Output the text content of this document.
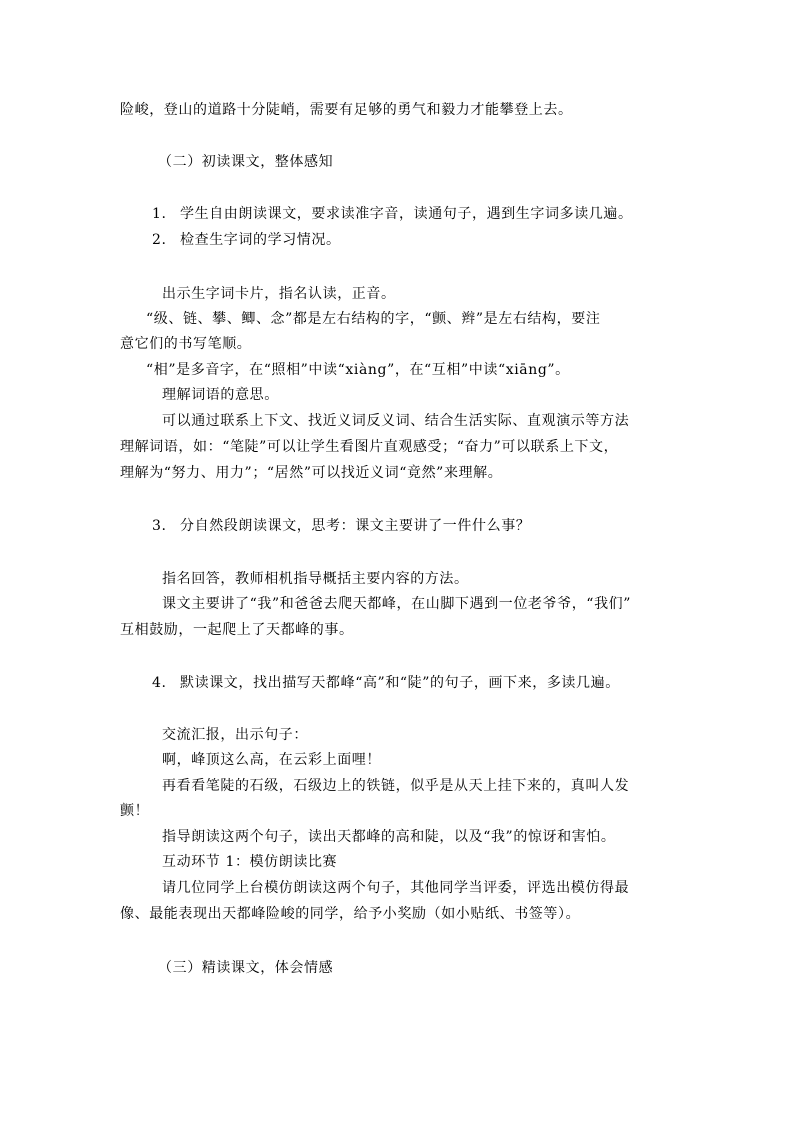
险峻，登山的道路十分陡峭，需要有足够的勇气和毅力才能攀登上去。
（二）初读课文，整体感知
1. 学生自由朗读课文，要求读准字音，读通句子，遇到生字词多读几遍。
2. 检查生字词的学习情况。
出示生字词卡片，指名认读，正音。
“级、链、攀、鲫、念”都是左右结构的字，“颤、辫”是左右结构，要注
意它们的书写笔顺。
“相”是多音字，在“照相”中读“xiàng”，在“互相”中读“xiāng”。
理解词语的意思。
可以通过联系上下文、找近义词反义词、结合生活实际、直观演示等方法
理解词语，如：“笔陡”可以让学生看图片直观感受；“奋力”可以联系上下文，
理解为“努力、用力”；“居然”可以找近义词“竟然”来理解。
3. 分自然段朗读课文，思考：课文主要讲了一件什么事？
指名回答，教师相机指导概括主要内容的方法。
课文主要讲了“我”和爸爸去爬天都峰，在山脚下遇到一位老爷爷，“我们”
互相鼓励，一起爬上了天都峰的事。
4. 默读课文，找出描写天都峰“高”和“陡”的句子，画下来，多读几遍。
交流汇报，出示句子：
啊，峰顶这么高，在云彩上面哩！
再看看笔陡的石级，石级边上的铁链，似乎是从天上挂下来的，真叫人发
颤！
指导朗读这两个句子，读出天都峰的高和陡，以及“我”的惊讶和害怕。
互动环节 1：模仿朗读比赛
请几位同学上台模仿朗读这两个句子，其他同学当评委，评选出模仿得最
像、最能表现出天都峰险峻的同学，给予小奖励（如小贴纸、书签等）。
（三）精读课文，体会情感
